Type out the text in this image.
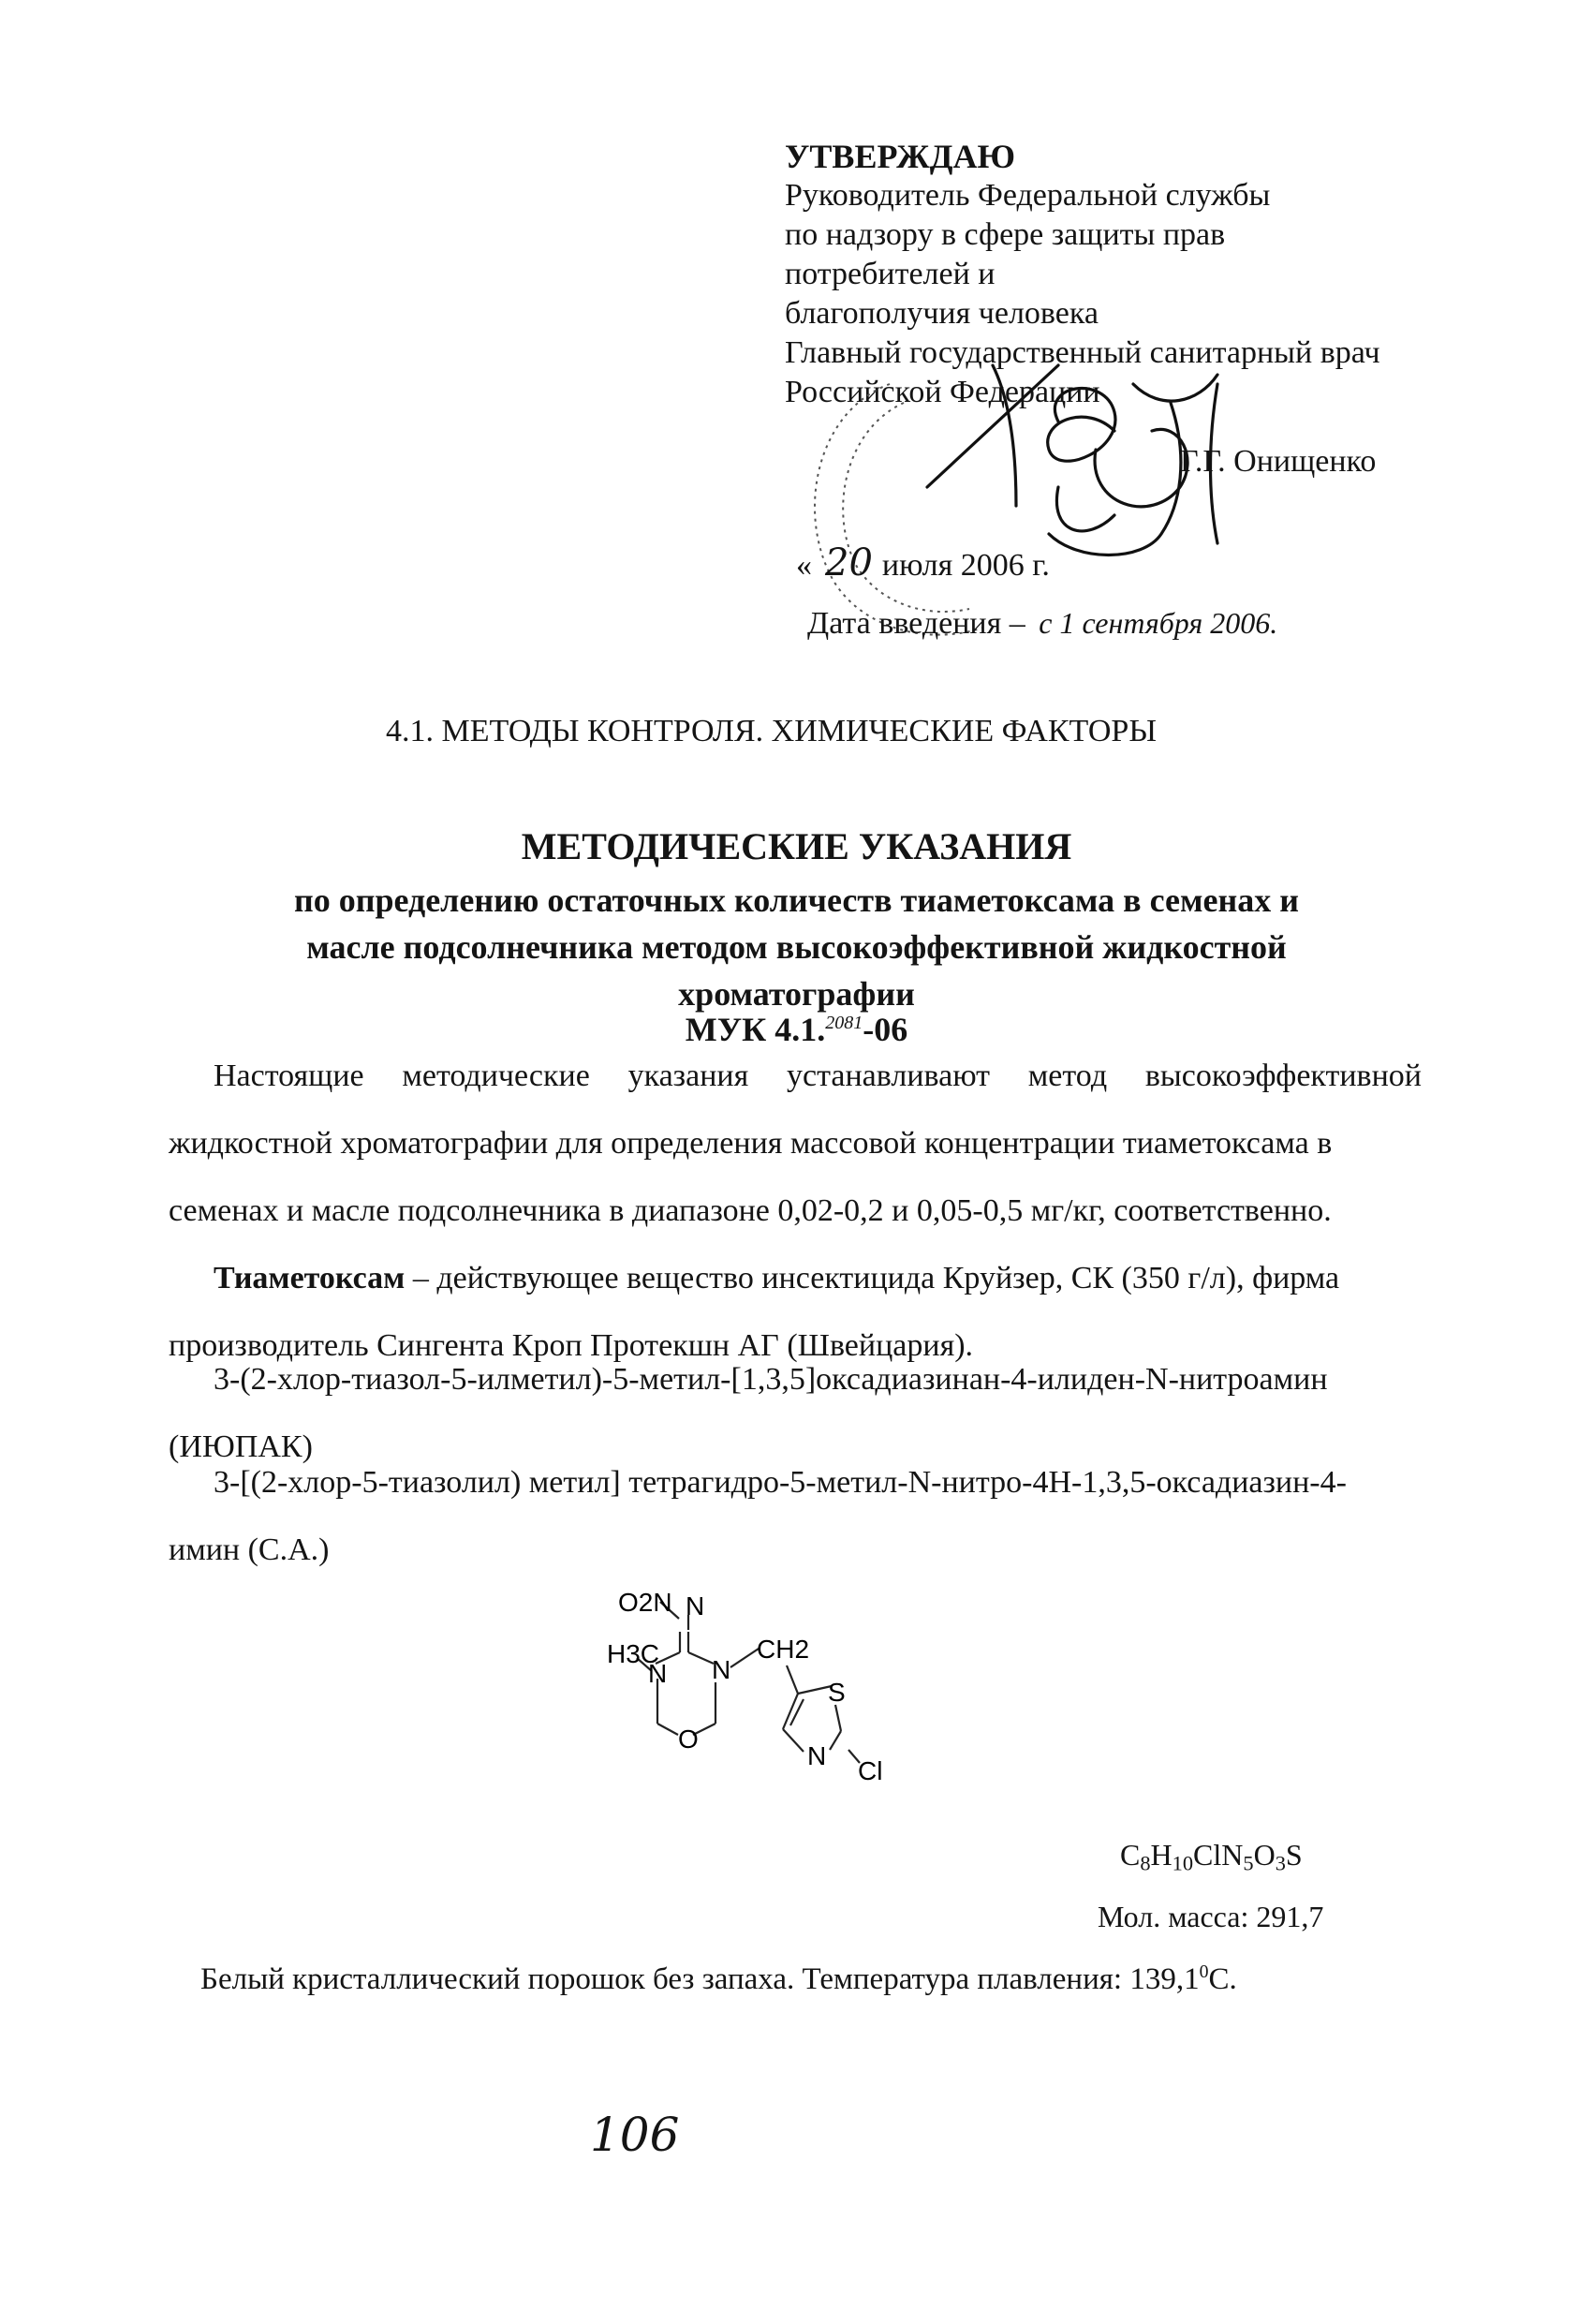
УТВЕРЖДАЮ
Руководитель Федеральной службы
по надзору в сфере защиты прав
потребителей и
благополучия человека
Главный государственный санитарный врач
Российской Федерации
Г.Г. Онищенко
« 20 июля 2006 г.
Дата введения – с 1 сентября 2006.
4.1. МЕТОДЫ КОНТРОЛЯ. ХИМИЧЕСКИЕ ФАКТОРЫ
МЕТОДИЧЕСКИЕ УКАЗАНИЯ
по определению остаточных количеств тиаметоксама в семенах и
масле подсолнечника методом высокоэффективной жидкостной
хроматографии
МУК 4.1.$^{2081}$-06
Настоящие методические указания устанавливают метод высокоэффективной
жидкостной хроматографии для определения массовой концентрации тиаметоксама в
семенах и масле подсолнечника в диапазоне 0,02-0,2 и 0,05-0,5 мг/кг, соответственно.
Тиаметоксам – действующее вещество инсектицида Круйзер, СК (350 г/л), фирма
производитель Сингента Кроп Протекшн АГ (Швейцария).
3-(2-хлор-тиазол-5-илметил)-5-метил-[1,3,5]оксадиазинан-4-илиден-N-нитроамин
(ИЮПАК)
3-[(2-хлор-5-тиазолил) метил] тетрагидро-5-метил-N-нитро-4H-1,3,5-оксадиазин-4-
имин (C.A.)
O2N N
H3C
N N
CH2
O
S
N
Cl
$C_8H_{10}ClN_5O_3S$
Мол. масса: 291,7
Белый кристаллический порошок без запаха. Температура плавления: 139,1$^0$C.
106
